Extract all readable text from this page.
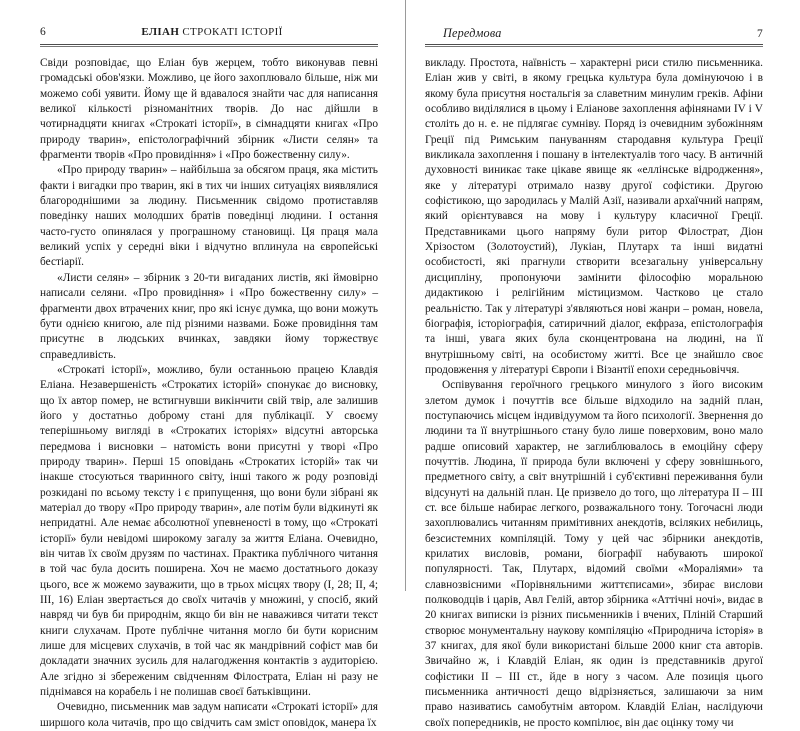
6	ЕЛІАН СТРОКАТІ ІСТОРІЇ

Свіди розповідає, що Еліан був жерцем, тобто виконував певні громадські обов'язки. Можливо, це його захоплювало більше, ніж ми можемо собі уявити. Йому ще й вдавалося знайти час для написання великої кількості різноманітних творів. До нас дійшли в чотирнадцяти книгах «Строкаті історії», в сімнадцяти книгах «Про природу тварин», епістолографічний збірник «Листи селян» та фрагменти творів «Про провидіння» і «Про божественну силу».

«Про природу тварин» – найбільша за обсягом праця, яка містить факти і вигадки про тварин, які в тих чи інших ситуаціях виявлялися благороднішими за людину. Письменник свідомо протиставляв поведінку наших молодших братів поведінці людини. І остання часто-густо опинялася у програшному становищі. Ця праця мала великий успіх у середні віки і відчутно вплинула на європейські бестіарії.

«Листи селян» – збірник з 20-ти вигаданих листів, які ймовірно написали селяни. «Про провидіння» і «Про божественну силу» – фрагменти двох втрачених книг, про які існує думка, що вони можуть бути однією книгою, але під різними назвами. Боже провидіння там присутнє в людських вчинках, завдяки йому торжествує справедливість.

«Строкаті історії», можливо, були останньою працею Клавдія Еліана. Незавершеність «Строкатих історій» спонукає до висновку, що їх автор помер, не встигнувши викінчити свій твір, але залишив його у достатньо доброму стані для публікації. У своєму теперішньому вигляді в «Строкатих історіях» відсутні авторська передмова і висновки – натомість вони присутні у творі «Про природу тварин». Перші 15 оповідань «Строкатих історій» так чи інакше стосуються тваринного світу, інші такого ж роду розповіді розкидані по всьому тексту і є припущення, що вони були зібрані як матеріал до твору «Про природу тварин», але потім були відкинуті як непридатні. Але немає абсолютної упевненості в тому, що «Строкаті історії» були невідомі широкому загалу за життя Еліана. Очевидно, він читав їх своїм друзям по частинах. Практика публічного читання в той час була досить поширена. Хоч не маємо достатнього доказу цього, все ж можемо зауважити, що в трьох місцях твору (I, 28; II, 4; III, 16) Еліан звертається до своїх читачів у множині, у спосіб, який навряд чи був би природнім, якщо би він не наважився читати текст книги слухачам. Проте публічне читання могло би бути корисним лише для місцевих слухачів, в той час як мандрівний софіст мав би докладати значних зусиль для налагодження контактів з аудиторією. Але згідно зі збереженим свідченням Філострата, Еліан ні разу не піднімався на корабель і не полишав своєї батьківщини.

Очевидно, письменник мав задум написати «Строкаті історії» для ширшого кола читачів, про що свідчить сам зміст оповідок, манера їх

Передмова	7

викладу. Простота, наївність – характерні риси стилю письменника. Еліан жив у світі, в якому грецька культура була домінуючою і в якому була присутня ностальгія за славетним минулим греків. Афіни особливо виділялися в цьому і Еліанове захоплення афінянами IV і V століть до н. е. не підлягає сумніву. Поряд із очевидним зубожінням Греції під Римським пануванням стародавня культура Греції викликала захоплення і пошану в інтелектуалів того часу. В античній духовності виникає таке цікаве явище як «еллінське відродження», яке у літературі отримало назву другої софістики. Другою софістикою, що зародилась у Малій Азії, називали архаїчний напрям, який орієнтувався на мову і культуру класичної Греції. Представниками цього напряму були ритор Філострат, Діон Хрізостом (Золотоустий), Лукіан, Плутарх та інші видатні особистості, які прагнули створити всезагальну універсальну дисципліну, пропонуючи замінити філософію моральною дидактикою і релігійним містицизмом. Частково це стало реальністю. Так у літературі з'являються нові жанри – роман, новела, біографія, історіографія, сатиричний діалог, екфраза, епістолографія та інші, увага яких була сконцентрована на людині, на її внутрішньому світі, на особистому житті. Все це знайшло своє продовження у літературі Європи і Візантії епохи середньовіччя.

Оспівування героїчного грецького минулого з його високим злетом думок і почуттів все більше відходило на задній план, поступаючись місцем індивідуумом та його психології. Звернення до людини та її внутрішнього стану було лише поверховим, воно мало радше описовий характер, не заглиблювалось в емоційну сферу почуттів. Людина, її природа були включені у сферу зовнішнього, предметного світу, а світ внутрішній і суб'єктивні переживання були відсунуті на дальній план. Це призвело до того, що література II – III ст. все більше набирає легкого, розважального тону. Тогочасні люди захоплювались читанням примітивних анекдотів, всіляких небилиць, безсистемних компіляцій. Тому у цей час збірники анекдотів, крилатих висловів, романи, біографії набувають широкої популярності. Так, Плутарх, відомий своїми «Мораліями» та славнозвісними «Порівняльними життєписами», збирає вислови полководців і царів, Авл Гелій, автор збірника «Аттічні ночі», видає в 20 книгах виписки із різних письменників і вчених, Пліній Старший створює монументальну наукову компіляцію «Природнича історія» в 37 книгах, для якої були використані більше 2000 книг ста авторів. Звичайно ж, і Клавдій Еліан, як один із представників другої софістики II – III ст., йде в ногу з часом. Але позиція цього письменника античності дещо відрізняється, залишаючи за ним право називатись самобутнім автором. Клавдій Еліан, наслідуючи своїх попередників, не просто компілює, він дає оцінку тому чи
